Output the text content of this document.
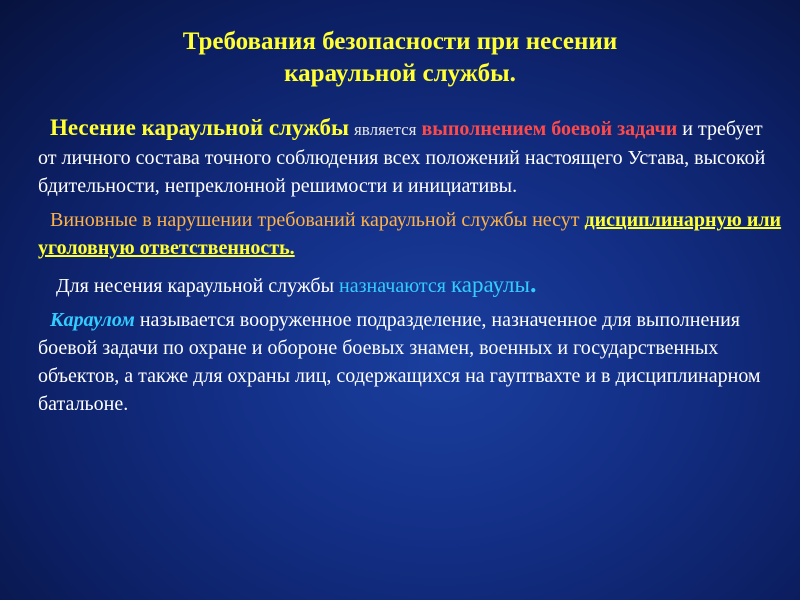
Требования безопасности при несении
караульной службы.
Несение караульной службы является выполнением боевой задачи и требует от личного состава точного соблюдения всех положений настоящего Устава, высокой бдительности, непреклонной решимости и инициативы.
Виновные в нарушении требований караульной службы несут дисциплинарную или уголовную ответственность.
Для несения караульной службы назначаются караулы.
Караулом называется вооруженное подразделение, назначенное для выполнения боевой задачи по охране и обороне боевых знамен, военных и государственных объектов, а также для охраны лиц, содержащихся на гауптвахте и в дисциплинарном батальоне.
